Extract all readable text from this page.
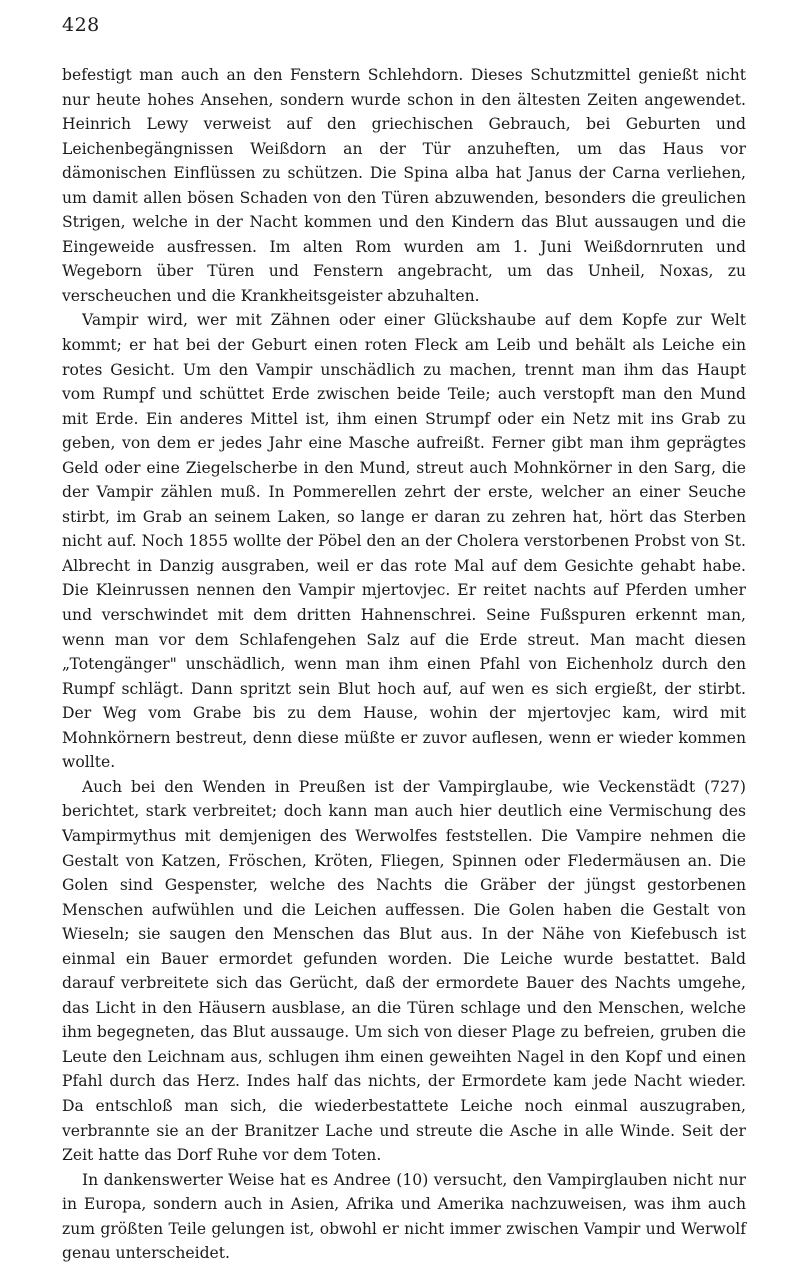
428

befestigt man auch an den Fenstern Schlehdorn. Dieses Schutzmittel genießt nicht nur heute hohes Ansehen, sondern wurde schon in den ältesten Zeiten angewendet. Heinrich Lewy verweist auf den griechischen Gebrauch, bei Geburten und Leichenbegängnissen Weißdorn an der Tür anzuheften, um das Haus vor dämonischen Einflüssen zu schützen. Die Spina alba hat Janus der Carna verliehen, um damit allen bösen Schaden von den Türen abzuwenden, besonders die greulichen Strigen, welche in der Nacht kommen und den Kindern das Blut aussaugen und die Eingeweide ausfressen. Im alten Rom wurden am 1. Juni Weißdornruten und Wegeborn über Türen und Fenstern angebracht, um das Unheil, Noxas, zu verscheuchen und die Krankheitsgeister abzuhalten.

Vampir wird, wer mit Zähnen oder einer Glückshaube auf dem Kopfe zur Welt kommt; er hat bei der Geburt einen roten Fleck am Leib und behält als Leiche ein rotes Gesicht. Um den Vampir unschädlich zu machen, trennt man ihm das Haupt vom Rumpf und schüttet Erde zwischen beide Teile; auch verstopft man den Mund mit Erde. Ein anderes Mittel ist, ihm einen Strumpf oder ein Netz mit ins Grab zu geben, von dem er jedes Jahr eine Masche aufreißt. Ferner gibt man ihm geprägtes Geld oder eine Ziegelscherbe in den Mund, streut auch Mohnkörner in den Sarg, die der Vampir zählen muß. In Pommerellen zehrt der erste, welcher an einer Seuche stirbt, im Grab an seinem Laken, so lange er daran zu zehren hat, hört das Sterben nicht auf. Noch 1855 wollte der Pöbel den an der Cholera verstorbenen Probst von St. Albrecht in Danzig ausgraben, weil er das rote Mal auf dem Gesichte gehabt habe. Die Kleinrussen nennen den Vampir mjertovjec. Er reitet nachts auf Pferden umher und verschwindet mit dem dritten Hahnenschrei. Seine Fußspuren erkennt man, wenn man vor dem Schlafengehen Salz auf die Erde streut. Man macht diesen „Totengänger" unschädlich, wenn man ihm einen Pfahl von Eichenholz durch den Rumpf schlägt. Dann spritzt sein Blut hoch auf, auf wen es sich ergießt, der stirbt. Der Weg vom Grabe bis zu dem Hause, wohin der mjertovjec kam, wird mit Mohnkörnern bestreut, denn diese müßte er zuvor auflesen, wenn er wieder kommen wollte.

Auch bei den Wenden in Preußen ist der Vampirglaube, wie Veckenstädt (727) berichtet, stark verbreitet; doch kann man auch hier deutlich eine Vermischung des Vampirmythus mit demjenigen des Werwolfes feststellen. Die Vampire nehmen die Gestalt von Katzen, Fröschen, Kröten, Fliegen, Spinnen oder Fledermäusen an. Die Golen sind Gespenster, welche des Nachts die Gräber der jüngst gestorbenen Menschen aufwühlen und die Leichen auffessen. Die Golen haben die Gestalt von Wieseln; sie saugen den Menschen das Blut aus. In der Nähe von Kiefebusch ist einmal ein Bauer ermordet gefunden worden. Die Leiche wurde bestattet. Bald darauf verbreitete sich das Gerücht, daß der ermordete Bauer des Nachts umgehe, das Licht in den Häusern ausblase, an die Türen schlage und den Menschen, welche ihm begegneten, das Blut aussauge. Um sich von dieser Plage zu befreien, gruben die Leute den Leichnam aus, schlugen ihm einen geweihten Nagel in den Kopf und einen Pfahl durch das Herz. Indes half das nichts, der Ermordete kam jede Nacht wieder. Da entschloß man sich, die wiederbestattete Leiche noch einmal auszugraben, verbrannte sie an der Branitzer Lache und streute die Asche in alle Winde. Seit der Zeit hatte das Dorf Ruhe vor dem Toten.

In dankenswerter Weise hat es Andree (10) versucht, den Vampirglauben nicht nur in Europa, sondern auch in Asien, Afrika und Amerika nachzuweisen, was ihm auch zum größten Teile gelungen ist, obwohl er nicht immer zwischen Vampir und Werwolf genau unterscheidet.
